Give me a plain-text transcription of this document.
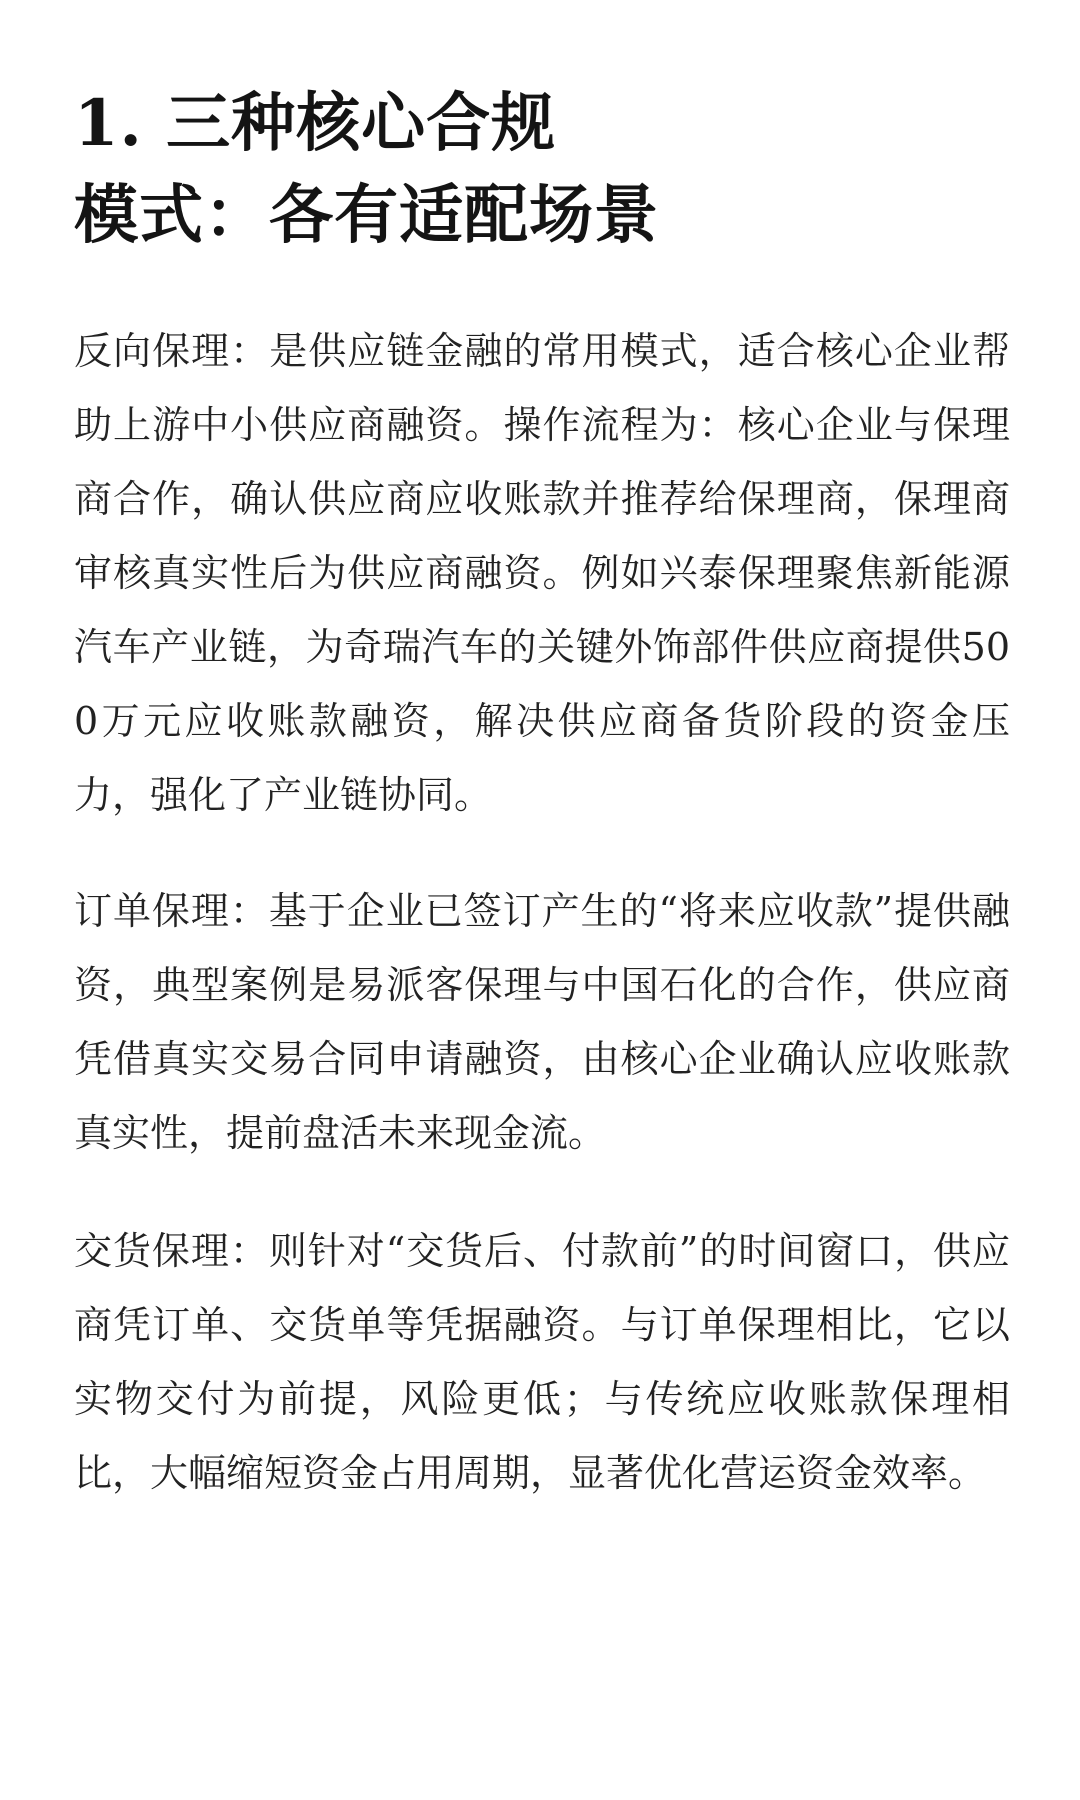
1. 三种核心合规
模式：各有适配场景

反向保理：是供应链金融的常用模式，适合核心企业帮助上游中小供应商融资。操作流程为：核心企业与保理商合作，确认供应商应收账款并推荐给保理商，保理商审核真实性后为供应商融资。例如兴泰保理聚焦新能源汽车产业链，为奇瑞汽车的关键外饰部件供应商提供500万元应收账款融资，解决供应商备货阶段的资金压力，强化了产业链协同。

订单保理：基于企业已签订产生的“将来应收款”提供融资，典型案例是易派客保理与中国石化的合作，供应商凭借真实交易合同申请融资，由核心企业确认应收账款真实性，提前盘活未来现金流。

交货保理：则针对“交货后、付款前”的时间窗口，供应商凭订单、交货单等凭据融资。与订单保理相比，它以实物交付为前提，风险更低；与传统应收账款保理相比，大幅缩短资金占用周期，显著优化营运资金效率。
